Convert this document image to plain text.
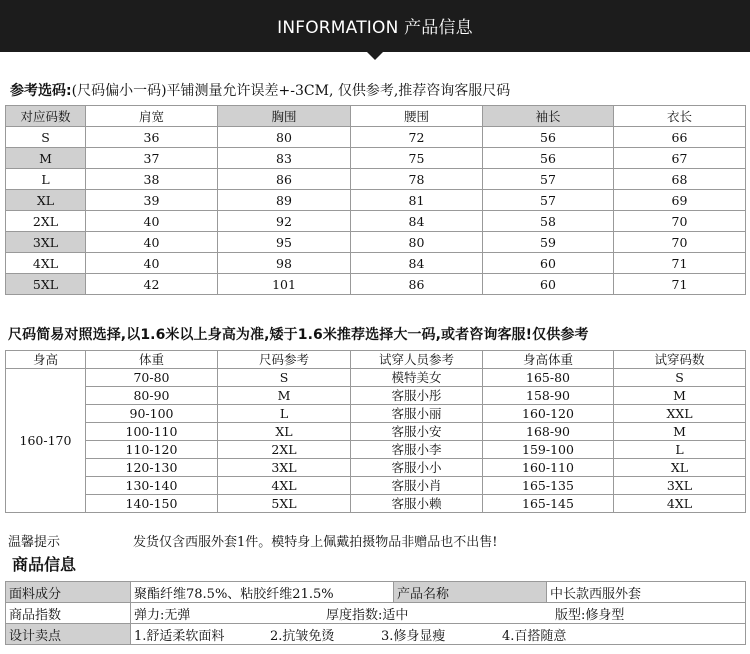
INFORMATION 产品信息
参考选码:(尺码偏小一码)平铺测量允许误差+-3CM, 仅供参考,推荐咨询客服尺码
对应码数	肩宽	胸围	腰围	袖长	衣长
S	36	80	72	56	66
M	37	83	75	56	67
L	38	86	78	57	68
XL	39	89	81	57	69
2XL	40	92	84	58	70
3XL	40	95	80	59	70
4XL	40	98	84	60	71
5XL	42	101	86	60	71
尺码简易对照选择,以1.6米以上身高为准,矮于1.6米推荐选择大一码,或者咨询客服!仅供参考
身高	体重	尺码参考	试穿人员参考	身高体重	试穿码数
160-170	70-80	S	模特美女	165-80	S
	80-90	M	客服小彤	158-90	M
	90-100	L	客服小丽	160-120	XXL
	100-110	XL	客服小安	168-90	M
	110-120	2XL	客服小李	159-100	L
	120-130	3XL	客服小小	160-110	XL
	130-140	4XL	客服小肖	165-135	3XL
	140-150	5XL	客服小赖	165-145	4XL
温馨提示	发货仅含西服外套1件。模特身上佩戴拍摄物品非赠品也不出售!
商品信息
面料成分	聚酯纤维78.5%、粘胶纤维21.5%	产品名称	中长款西服外套
商品指数	弹力:无弹 厚度指数:适中 版型:修身型		
设计卖点	1.舒适柔软面料 2.抗皱免烫 3.修身显瘦 4.百搭随意		
